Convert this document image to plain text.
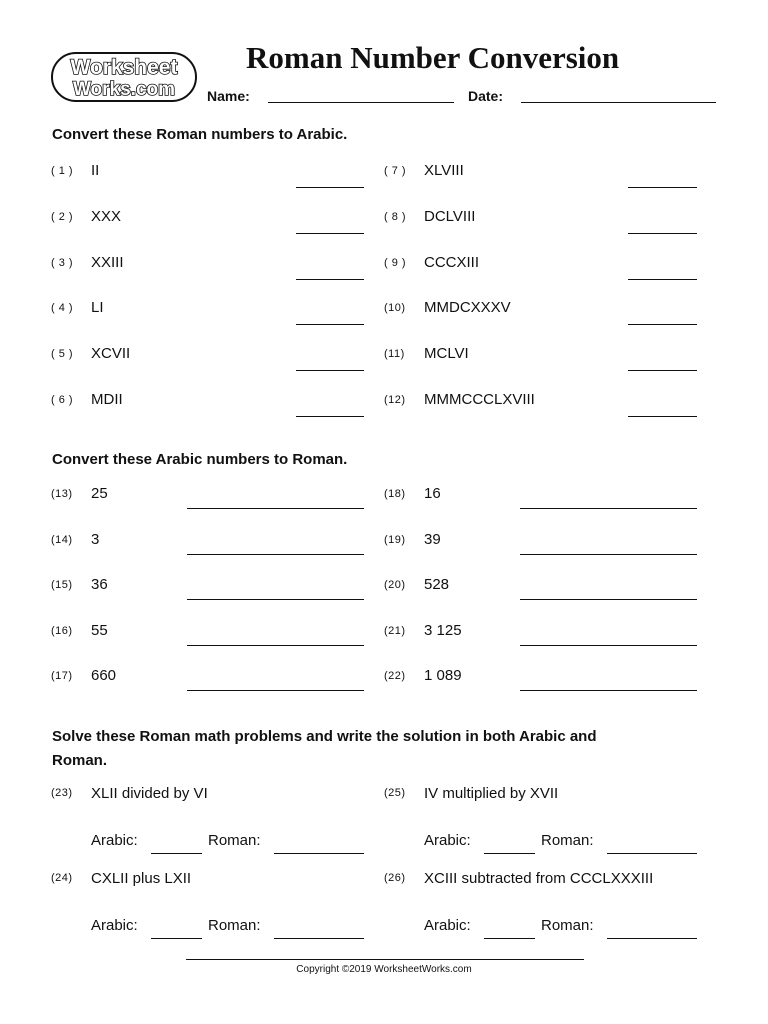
Worksheet
Works.com
Roman Number Conversion
Name:	Date:
Convert these Roman numbers to Arabic.
( 1 ) II
( 2 ) XXX
( 3 ) XXIII
( 4 ) LI
( 5 ) XCVII
( 6 ) MDII
( 7 ) XLVIII
( 8 ) DCLVIII
( 9 ) CCCXIII
(10) MMDCXXXV
(11) MCLVI
(12) MMMCCCLXVIII
Convert these Arabic numbers to Roman.
(13) 25
(14) 3
(15) 36
(16) 55
(17) 660
(18) 16
(19) 39
(20) 528
(21) 3 125
(22) 1 089
Solve these Roman math problems and write the solution in both Arabic and
Roman.
(23) XLII divided by VI
Arabic:	Roman:
(25) IV multiplied by XVII
Arabic:	Roman:
(24) CXLII plus LXII
Arabic:	Roman:
(26) XCIII subtracted from CCCLXXXIII
Arabic:	Roman:
Copyright ©2019 WorksheetWorks.com
